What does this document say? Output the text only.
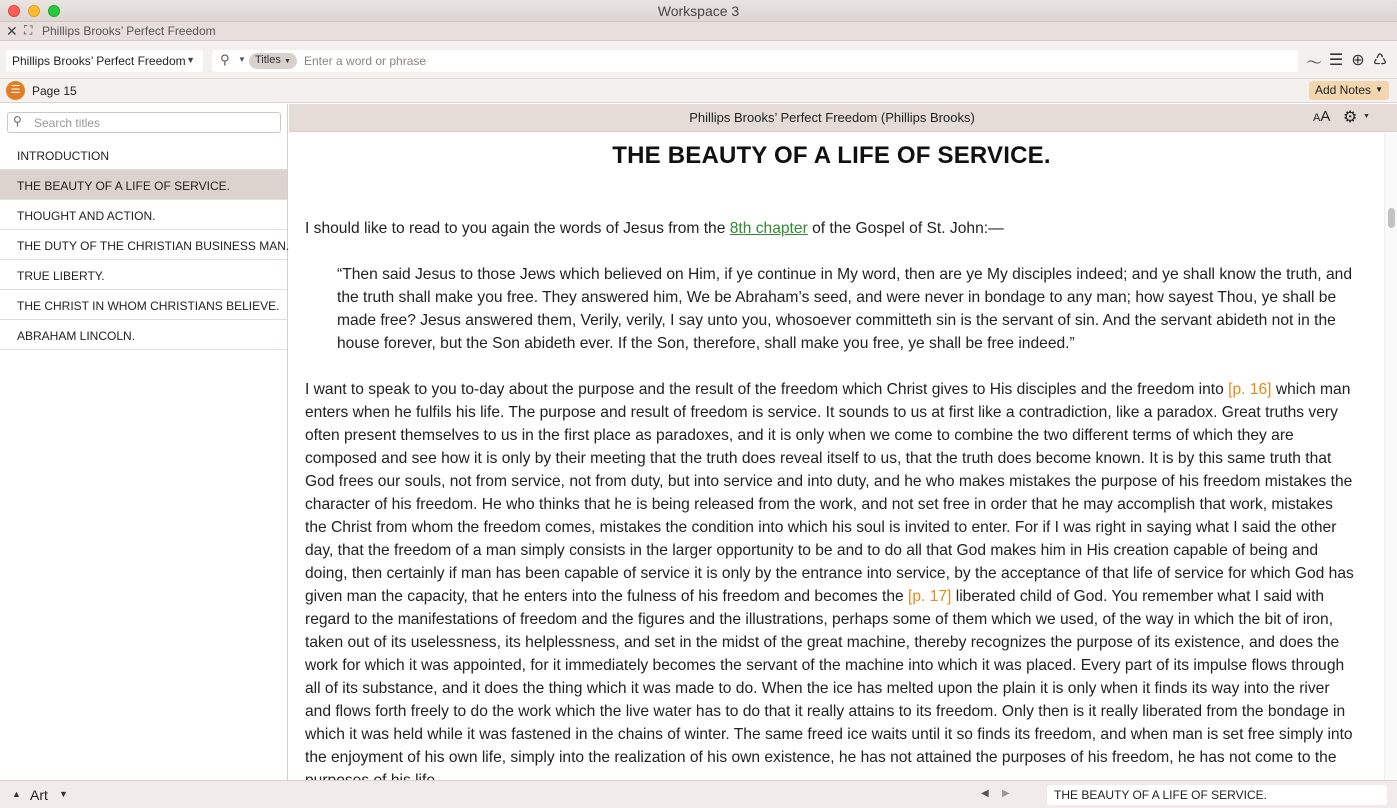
Workspace 3
✕ ⛶ Phillips Brooks’ Perfect Freedom
Phillips Brooks’ Perfect Freedom ▼ ⚲ ▼ Titles ▼
Enter a word or phrase	〜 ☰ ⊕ ♺
☰ Page 15	Add Notes ▼
⚲
Search titles
INTRODUCTION
THE BEAUTY OF A LIFE OF SERVICE.
THOUGHT AND ACTION.
THE DUTY OF THE CHRISTIAN BUSINESS MAN.
TRUE LIBERTY.
THE CHRIST IN WHOM CHRISTIANS BELIEVE.
ABRAHAM LINCOLN.
Phillips Brooks’ Perfect Freedom (Phillips Brooks)	AA ⚙ ▼
THE BEAUTY OF A LIFE OF SERVICE.

I should like to read to you again the words of Jesus from the 8th chapter of the Gospel of St. John:—

“Then said Jesus to those Jews which believed on Him, if ye continue in My word, then are ye My disciples indeed; and ye shall know the truth, and the truth shall make you free. They answered him, We be Abraham’s seed, and were never in bondage to any man; how sayest Thou, ye shall be made free? Jesus answered them, Verily, verily, I say unto you, whosoever committeth sin is the servant of sin. And the servant abideth not in the house forever, but the Son abideth ever. If the Son, therefore, shall make you free, ye shall be free indeed.”

I want to speak to you to-day about the purpose and the result of the freedom which Christ gives to His disciples and the freedom into [p. 16] which man enters when he fulfils his life. The purpose and result of freedom is service. It sounds to us at first like a contradiction, like a paradox. Great truths very often present themselves to us in the first place as paradoxes, and it is only when we come to combine the two different terms of which they are composed and see how it is only by their meeting that the truth does reveal itself to us, that the truth does become known. It is by this same truth that God frees our souls, not from service, not from duty, but into service and into duty, and he who makes mistakes the purpose of his freedom mistakes the character of his freedom. He who thinks that he is being released from the work, and not set free in order that he may accomplish that work, mistakes the Christ from whom the freedom comes, mistakes the condition into which his soul is invited to enter. For if I was right in saying what I said the other day, that the freedom of a man simply consists in the larger opportunity to be and to do all that God makes him in His creation capable of being and doing, then certainly if man has been capable of service it is only by the entrance into service, by the acceptance of that life of service for which God has given man the capacity, that he enters into the fulness of his freedom and becomes the [p. 17] liberated child of God. You remember what I said with regard to the manifestations of freedom and the figures and the illustrations, perhaps some of them which we used, of the way in which the bit of iron, taken out of its uselessness, its helplessness, and set in the midst of the great machine, thereby recognizes the purpose of its existence, and does the work for which it was appointed, for it immediately becomes the servant of the machine into which it was placed. Every part of its impulse flows through all of its substance, and it does the thing which it was made to do. When the ice has melted upon the plain it is only when it finds its way into the river and flows forth freely to do the work which the live water has to do that it really attains to its freedom. Only then is it really liberated from the bondage in which it was held while it was fastened in the chains of winter. The same freed ice waits until it so finds its freedom, and when man is set free simply into the enjoyment of his own life, simply into the realization of his own existence, he has not attained the purposes of his freedom, he has not come to the

▲ Art ▼	◀ ▶	THE BEAUTY OF A LIFE OF SERVICE.
